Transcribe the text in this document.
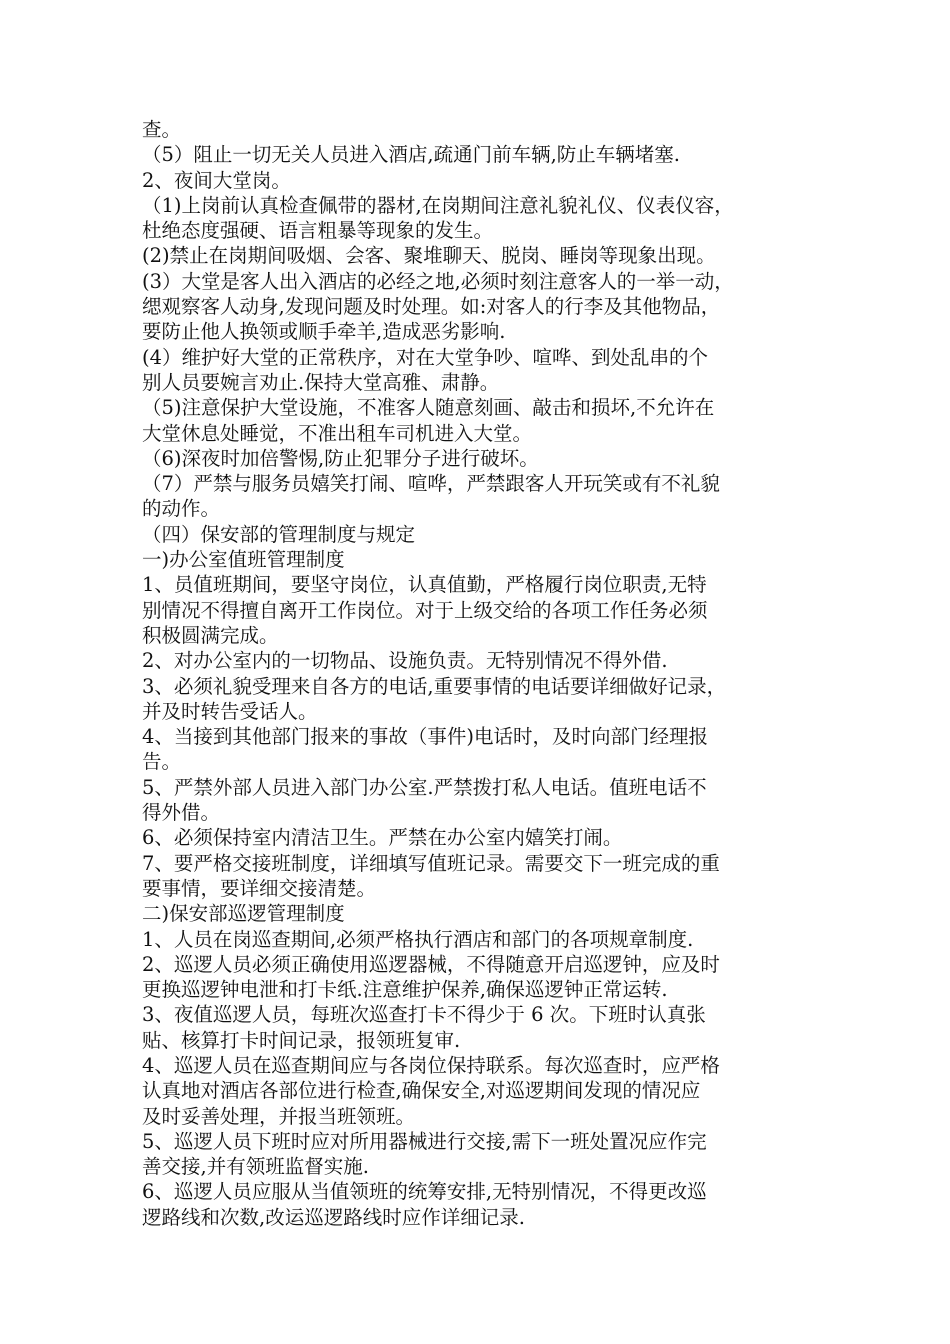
查。
（5）阻止一切无关人员进入酒店,疏通门前车辆,防止车辆堵塞.
2、夜间大堂岗。
（1)上岗前认真检查佩带的器材,在岗期间注意礼貌礼仪、仪表仪容，
杜绝态度强硬、语言粗暴等现象的发生。
(2)禁止在岗期间吸烟、会客、聚堆聊天、脱岗、睡岗等现象出现。
(3）大堂是客人出入酒店的必经之地,必须时刻注意客人的一举一动，
缌观察客人动身,发现问题及时处理。如:对客人的行李及其他物品，
要防止他人换领或顺手牵羊,造成恶劣影响.
(4）维护好大堂的正常秩序，对在大堂争吵、喧哗、到处乱串的个
别人员要婉言劝止.保持大堂高雅、肃静。
（5)注意保护大堂设施，不准客人随意刻画、敲击和损坏,不允许在
大堂休息处睡觉，不准出租车司机进入大堂。
（6)深夜时加倍警惕,防止犯罪分子进行破坏。
（7）严禁与服务员嬉笑打闹、喧哗，严禁跟客人开玩笑或有不礼貌
的动作。
（四）保安部的管理制度与规定
一)办公室值班管理制度
1、员值班期间，要坚守岗位，认真值勤，严格履行岗位职责,无特
别情况不得擅自离开工作岗位。对于上级交给的各项工作任务必须
积极圆满完成。
2、对办公室内的一切物品、设施负责。无特别情况不得外借.
3、必须礼貌受理来自各方的电话,重要事情的电话要详细做好记录，
并及时转告受话人。
4、当接到其他部门报来的事故（事件)电话时，及时向部门经理报
告。
5、严禁外部人员进入部门办公室.严禁拨打私人电话。值班电话不
得外借。
6、必须保持室内清洁卫生。严禁在办公室内嬉笑打闹。
7、要严格交接班制度，详细填写值班记录。需要交下一班完成的重
要事情，要详细交接清楚。
二)保安部巡逻管理制度
1、人员在岗巡查期间,必须严格执行酒店和部门的各项规章制度.
2、巡逻人员必须正确使用巡逻器械，不得随意开启巡逻钟，应及时
更换巡逻钟电泄和打卡纸.注意维护保养,确保巡逻钟正常运转.
3、夜值巡逻人员，每班次巡查打卡不得少于 6 次。下班时认真张
贴、核算打卡时间记录，报领班复审.
4、巡逻人员在巡查期间应与各岗位保持联系。每次巡查时，应严格
认真地对酒店各部位进行检查,确保安全,对巡逻期间发现的情况应
及时妥善处理，并报当班领班。
5、巡逻人员下班时应对所用器械进行交接,需下一班处置况应作完
善交接,并有领班监督实施.
6、巡逻人员应服从当值领班的统筹安排,无特别情况，不得更改巡
逻路线和次数,改运巡逻路线时应作详细记录.
